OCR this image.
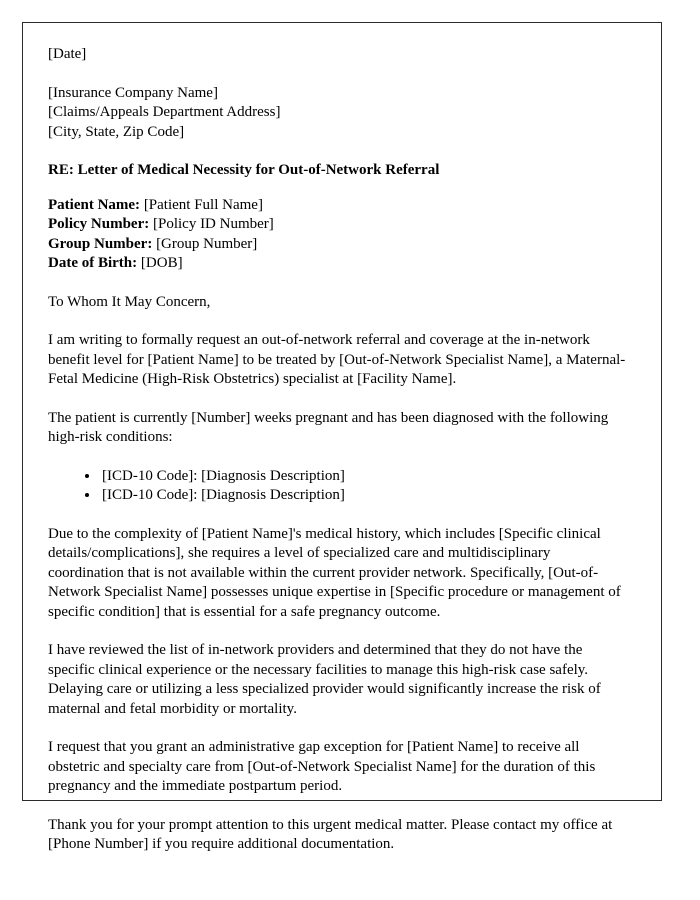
[Date]

[Insurance Company Name]

[Claims/Appeals Department Address]

[City, State, Zip Code]

RE: Letter of Medical Necessity for Out-of-Network Referral

Patient Name: [Patient Full Name]

Policy Number: [Policy ID Number]

Group Number: [Group Number]

Date of Birth: [DOB]

To Whom It May Concern,

I am writing to formally request an out-of-network referral and coverage at the in-network benefit level for [Patient Name] to be treated by [Out-of-Network Specialist Name], a Maternal-Fetal Medicine (High-Risk Obstetrics) specialist at [Facility Name].

The patient is currently [Number] weeks pregnant and has been diagnosed with the following high-risk conditions:

• [ICD-10 Code]: [Diagnosis Description]
• [ICD-10 Code]: [Diagnosis Description]

Due to the complexity of [Patient Name]'s medical history, which includes [Specific clinical details/complications], she requires a level of specialized care and multidisciplinary coordination that is not available within the current provider network. Specifically, [Out-of-Network Specialist Name] possesses unique expertise in [Specific procedure or management of specific condition] that is essential for a safe pregnancy outcome.

I have reviewed the list of in-network providers and determined that they do not have the specific clinical experience or the necessary facilities to manage this high-risk case safely. Delaying care or utilizing a less specialized provider would significantly increase the risk of maternal and fetal morbidity or mortality.

I request that you grant an administrative gap exception for [Patient Name] to receive all obstetric and specialty care from [Out-of-Network Specialist Name] for the duration of this pregnancy and the immediate postpartum period.

Thank you for your prompt attention to this urgent medical matter. Please contact my office at [Phone Number] if you require additional documentation.
